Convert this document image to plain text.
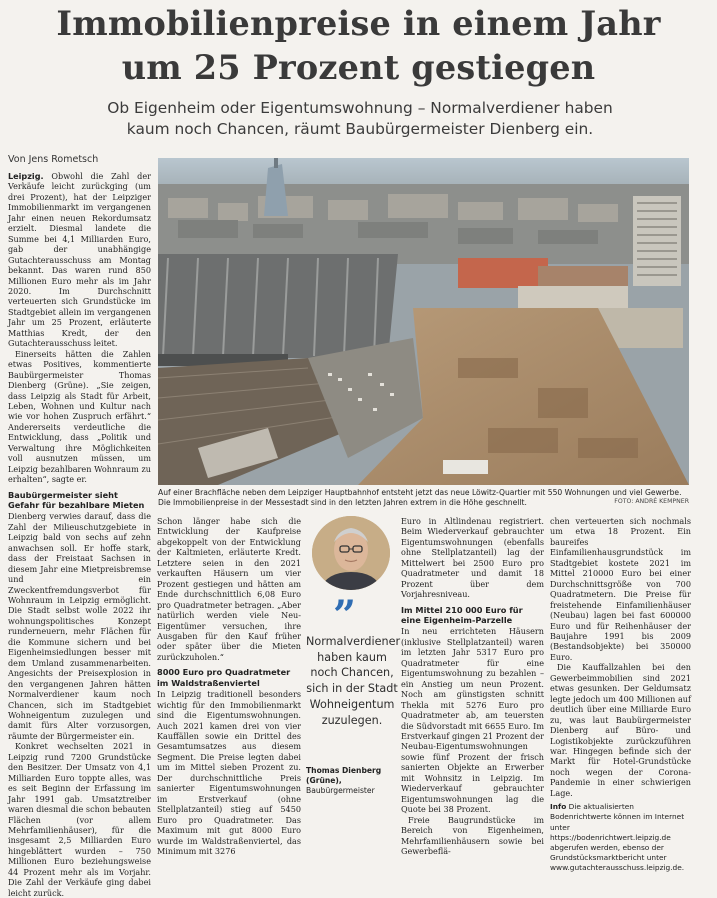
Immobilienpreise in einem Jahr
um 25 Prozent gestiegen
Ob Eigenheim oder Eigentumswohnung – Normalverdiener haben
kaum noch Chancen, räumt Baubürgermeister Dienberg ein.
Von Jens Rometsch

Leipzig. Obwohl die Zahl der Verkäufe leicht zurückging (um drei Prozent), hat der Leipziger Immobilienmarkt im vergangenen Jahr einen neuen Rekordumsatz erzielt. Diesmal landete die Summe bei 4,1 Milliarden Euro, gab der unabhängige Gutachterausschuss am Montag bekannt. Das waren rund 850 Millionen Euro mehr als im Jahr 2020. Im Durchschnitt verteuerten sich Grundstücke im Stadtgebiet allein im vergangenen Jahr um 25 Prozent, erläuterte Matthias Kredt, der den Gutachterausschuss leitet.

Einerseits hätten die Zahlen etwas Positives, kommentierte Baubürgermeister Thomas Dienberg (Grüne). „Sie zeigen, dass Leipzig als Stadt für Arbeit, Leben, Wohnen und Kultur nach wie vor hohen Zuspruch erfährt.“ Andererseits verdeutliche die Entwicklung, dass „Politik und Verwaltung ihre Möglichkeiten voll ausnutzen müssen, um Leipzig bezahlbaren Wohnraum zu erhalten“, sagte er.

Baubürgermeister sieht Gefahr für bezahlbare Mieten

Dienberg verwies darauf, dass die Zahl der Milieuschutzgebiete in Leipzig bald von sechs auf zehn anwachsen soll. Er hoffe stark, dass der Freistaat Sachsen in diesem Jahr eine Mietpreisbremse und ein Zweckentfremdungsverbot für Wohnraum in Leipzig ermöglicht. Die Stadt selbst wolle 2022 ihr wohnungspolitisches Konzept runderneuern, mehr Flächen für die Kommune sichern und bei Eigenheimsiedlungen besser mit dem Umland zusammenarbeiten. Angesichts der Preisexplosion in den vergangenen Jahren hätten Normalverdiener kaum noch Chancen, sich im Stadtgebiet Wohneigentum zuzulegen und damit fürs Alter vorzusorgen, räumte der Bürgermeister ein.

Konkret wechselten 2021 in Leipzig rund 7200 Grundstücke den Besitzer. Der Umsatz von 4,1 Milliarden Euro toppte alles, was es seit Beginn der Erfassung im Jahr 1991 gab. Umsatztreiber waren diesmal die schon bebauten Flächen (vor allem Mehrfamilienhäuser), für die insgesamt 2,5 Milliarden Euro hingeblättert wurden – 750 Millionen Euro beziehungsweise 44 Prozent mehr als im Vorjahr. Die Zahl der Verkäufe ging dabei leicht zurück.

Auf einer Brachfläche neben dem Leipziger Hauptbahnhof entsteht jetzt das neue Löwitz-Quartier mit 550 Wohnungen und viel Gewerbe. Die Immobilienpreise in der Messestadt sind in den letzten Jahren extrem in die Höhe geschnellt.	FOTO: ANDRÉ KEMPNER

Schon länger habe sich die Entwicklung der Kaufpreise abgekoppelt von der Entwicklung der Kaltmieten, erläuterte Kredt. Letztere seien in den 2021 verkauften Häusern um vier Prozent gestiegen und hätten am Ende durchschnittlich 6,08 Euro pro Quadratmeter betragen. „Aber natürlich werden viele Neu-Eigentümer versuchen, ihre Ausgaben für den Kauf früher oder später über die Mieten zurückzuholen.“

8000 Euro pro Quadratmeter im Waldstraßenviertel

In Leipzig traditionell besonders wichtig für den Immobilienmarkt sind die Eigentumswohnungen. Auch 2021 kamen drei von vier Kauffällen sowie ein Drittel des Gesamtumsatzes aus diesem Segment. Die Preise legten dabei um im Mittel sieben Prozent zu. Der durchschnittliche Preis sanierter Eigentumswohnungen im Erstverkauf (ohne Stellplatzanteil) stieg auf 5450 Euro pro Quadratmeter. Das Maximum mit gut 8000 Euro wurde im Waldstraßenviertel, das Minimum mit 3276

”
Normalverdiener haben kaum noch Chancen, sich in der Stadt Wohneigentum zuzulegen.
Thomas Dienberg (Grüne),
Baubürgermeister

Euro in Altlindenau registriert. Beim Wiederverkauf gebrauchter Eigentumswohnungen (ebenfalls ohne Stellplatzanteil) lag der Mittelwert bei 2500 Euro pro Quadratmeter und damit 18 Prozent über dem Vorjahresniveau.

Im Mittel 210 000 Euro für eine Eigenheim-Parzelle

In neu errichteten Häusern (inklusive Stellplatzanteil) waren im letzten Jahr 5317 Euro pro Quadratmeter für eine Eigentumswohnung zu bezahlen – ein Anstieg um neun Prozent. Noch am günstigsten schnitt Thekla mit 5276 Euro pro Quadratmeter ab, am teuersten die Südvorstadt mit 6655 Euro. Im Erstverkauf gingen 21 Prozent der Neubau-Eigentumswohnungen sowie fünf Prozent der frisch sanierten Objekte an Erwerber mit Wohnsitz in Leipzig. Im Wiederverkauf gebrauchter Eigentumswohnungen lag die Quote bei 38 Prozent.

Freie Baugrundstücke im Bereich von Eigenheimen, Mehrfamilienhäusern sowie bei Gewerbeflä-

chen verteuerten sich nochmals um etwa 18 Prozent. Ein baureifes Einfamilienhausgrundstück im Stadtgebiet kostete 2021 im Mittel 210000 Euro bei einer Durchschnittsgröße von 700 Quadratmetern. Die Preise für freistehende Einfamilienhäuser (Neubau) lagen bei fast 600000 Euro und für Reihenhäuser der Baujahre 1991 bis 2009 (Bestandsobjekte) bei 350000 Euro.

Die Kauffallzahlen bei den Gewerbeimmobilien sind 2021 etwas gesunken. Der Geldumsatz legte jedoch um 400 Millionen auf deutlich über eine Milliarde Euro zu, was laut Baubürgermeister Dienberg auf Büro- und Logistikobjekte zurückzuführen war. Hingegen befinde sich der Markt für Hotel-Grundstücke noch wegen der Corona-Pandemie in einer schwierigen Lage.

Info Die aktualisierten Bodenrichtwerte können im Internet unter https://bodenrichtwert.leipzig.de abgerufen werden, ebenso der Grundstücksmarktbericht unter www.gutachterausschuss.leipzig.de.
